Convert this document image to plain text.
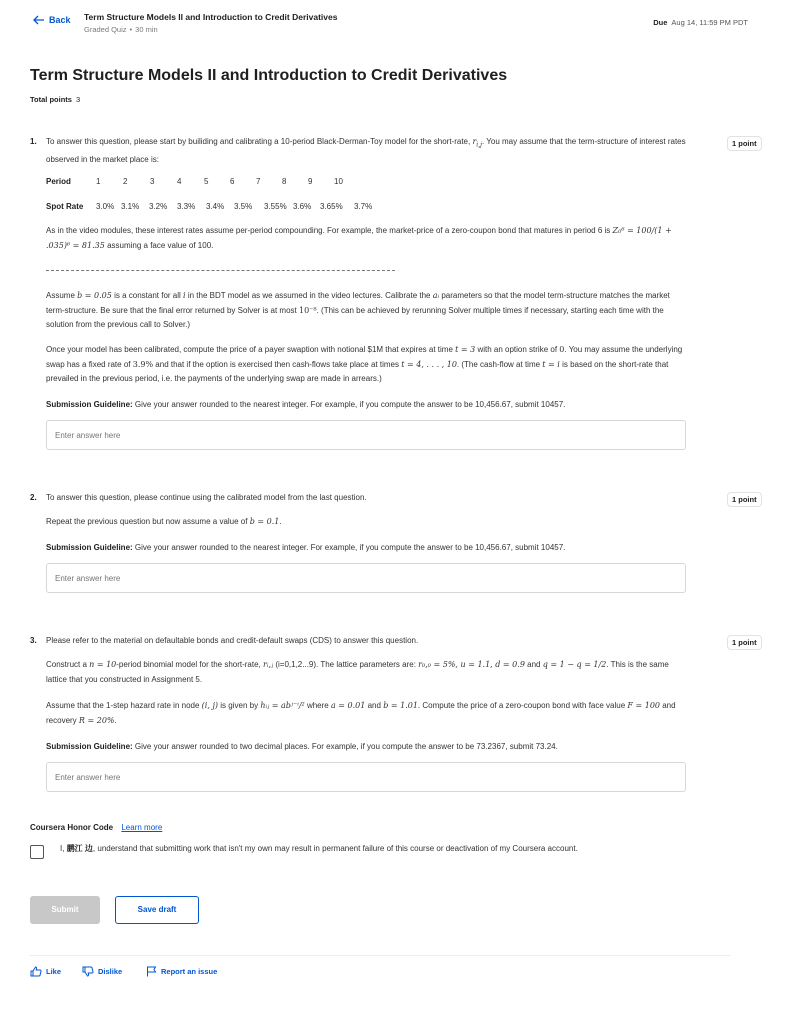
Back Term Structure Models II and Introduction to Credit Derivatives
Graded Quiz • 30 min
Due Aug 14, 11:59 PM PDT
Term Structure Models II and Introduction to Credit Derivatives
Total points 3
1.	1 point
To answer this question, please start by builiding and calibrating a 10-period Black-Derman-Toy model for the short-rate, $r_{i,j}$. You may assume that the term-structure of interest rates observed in the market place is:
Period	1	2	3	4	5	6	7	8	9	10
Spot Rate	3.0% 3.1%	3.2%	3.3%	3.4%	3.5%	3.55% 3.6%	3.65%	3.7%
As in the video modules, these interest rates assume per-period compounding. For example, the market-price of a zero-coupon bond that matures in period 6 is Z₀⁶ = 100/(1 + .035)⁶ = 81.35 assuming a face value of 100.
Assume b = 0.05 is a constant for all i in the BDT model as we assumed in the video lectures. Calibrate the aᵢ parameters so that the model term-structure matches the market term-structure. Be sure that the final error returned by Solver is at most 10⁻⁸. (This can be achieved by rerunning Solver multiple times if necessary, starting each time with the solution from the previous call to Solver.)
Once your model has been calibrated, compute the price of a payer swaption with notional $1M that expires at time t = 3 with an option strike of 0. You may assume the underlying swap has a fixed rate of 3.9% and that if the option is exercised then cash-flows take place at times t = 4, . . . , 10. (The cash-flow at time t = i is based on the short-rate that prevailed in the previous period, i.e. the payments of the underlying swap are made in arrears.)
Submission Guideline: Give your answer rounded to the nearest integer. For example, if you compute the answer to be 10,456.67, submit 10457.
Enter answer here
2.	1 point
To answer this question, please continue using the calibrated model from the last question.
Repeat the previous question but now assume a value of b = 0.1.
Submission Guideline: Give your answer rounded to the nearest integer. For example, if you compute the answer to be 10,456.67, submit 10457.
Enter answer here
3.	1 point
Please refer to the material on defaultable bonds and credit-default swaps (CDS) to answer this question.
Construct a n = 10-period binomial model for the short-rate, rᵢ,ⱼ (i=0,1,2...9). The lattice parameters are: r₀,₀ = 5%, u = 1.1, d = 0.9 and q = 1 − q = 1/2. This is the same lattice that you constructed in Assignment 5.
Assume that the 1-step hazard rate in node (i, j) is given by hᵢⱼ = abʲ⁻ⁱ/² where a = 0.01 and b = 1.01. Compute the price of a zero-coupon bond with face value F = 100 and recovery R = 20%.
Submission Guideline: Give your answer rounded to two decimal places. For example, if you compute the answer to be 73.2367, submit 73.24.
Enter answer here
Coursera Honor Code Learn more
I, 鹏江 边, understand that submitting work that isn't my own may result in permanent failure of this course or deactivation of my Coursera account.
Submit	Save draft
Like	Dislike	Report an issue
